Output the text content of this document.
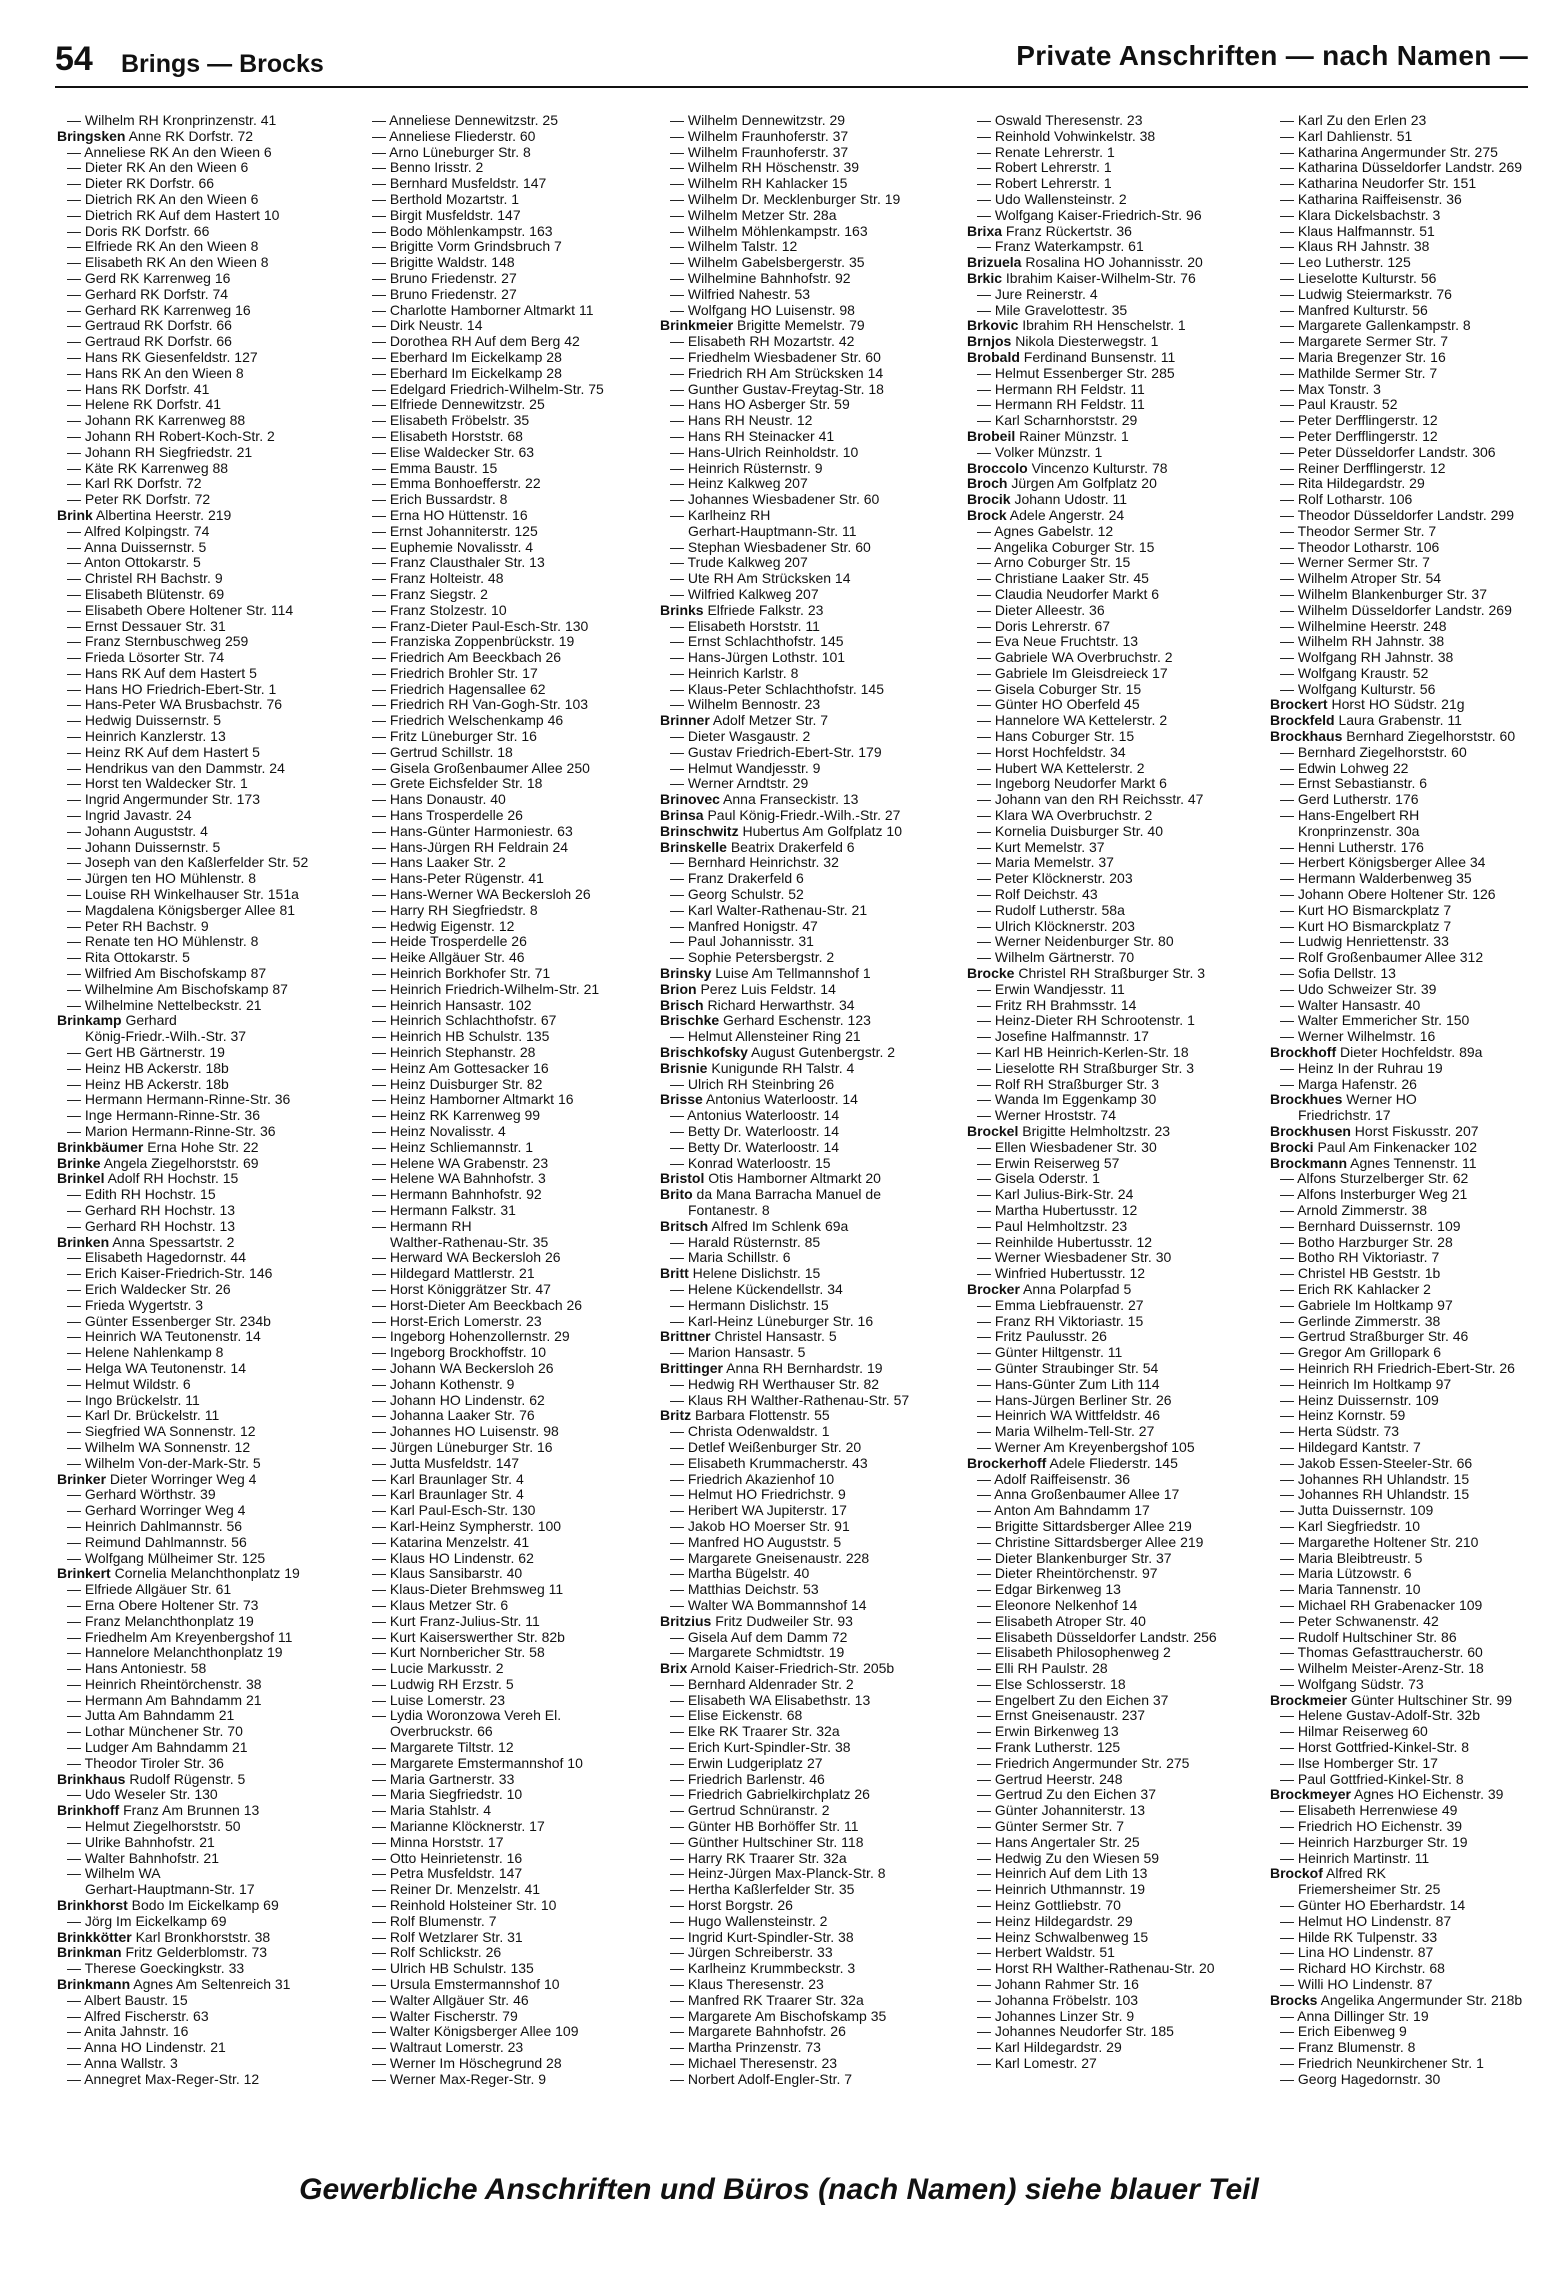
54 Brings — Brocks	Private Anschriften — nach Namen —
— Wilhelm RH Kronprinzenstr. 41
Bringsken Anne RK Dorfstr. 72
— Anneliese RK An den Wieen 6
— Dieter RK An den Wieen 6
— Dieter RK Dorfstr. 66
— Dietrich RK An den Wieen 6
— Dietrich RK Auf dem Hastert 10
— Doris RK Dorfstr. 66
— Elfriede RK An den Wieen 8
— Elisabeth RK An den Wieen 8
— Gerd RK Karrenweg 16
— Gerhard RK Dorfstr. 74
— Gerhard RK Karrenweg 16
— Gertraud RK Dorfstr. 66
— Gertraud RK Dorfstr. 66
— Hans RK Giesenfeldstr. 127
— Hans RK An den Wieen 8
— Hans RK Dorfstr. 41
— Helene RK Dorfstr. 41
— Johann RK Karrenweg 88
— Johann RH Robert-Koch-Str. 2
— Johann RH Siegfriedstr. 21
— Käte RK Karrenweg 88
— Karl RK Dorfstr. 72
— Peter RK Dorfstr. 72
Brink Albertina Heerstr. 219
— Alfred Kolpingstr. 74
— Anna Duissernstr. 5
— Anton Ottokarstr. 5
— Christel RH Bachstr. 9
— Elisabeth Blütenstr. 69
— Elisabeth Obere Holtener Str. 114
— Ernst Dessauer Str. 31
— Franz Sternbuschweg 259
— Frieda Lösorter Str. 74
— Hans RK Auf dem Hastert 5
— Hans HO Friedrich-Ebert-Str. 1
— Hans-Peter WA Brusbachstr. 76
— Hedwig Duissernstr. 5
— Heinrich Kanzlerstr. 13
— Heinz RK Auf dem Hastert 5
— Hendrikus van den Dammstr. 24
— Horst ten Waldecker Str. 1
— Ingrid Angermunder Str. 173
— Ingrid Javastr. 24
— Johann Auguststr. 4
— Johann Duissernstr. 5
— Joseph van den Kaßlerfelder Str. 52
— Jürgen ten HO Mühlenstr. 8
— Louise RH Winkelhauser Str. 151a
— Magdalena Königsberger Allee 81
— Peter RH Bachstr. 9
— Renate ten HO Mühlenstr. 8
— Rita Ottokarstr. 5
— Wilfried Am Bischofskamp 87
— Wilhelmine Am Bischofskamp 87
— Wilhelmine Nettelbeckstr. 21
Brinkamp Gerhard
König-Friedr.-Wilh.-Str. 37
— Gert HB Gärtnerstr. 19
— Heinz HB Ackerstr. 18b
— Heinz HB Ackerstr. 18b
— Hermann Hermann-Rinne-Str. 36
— Inge Hermann-Rinne-Str. 36
— Marion Hermann-Rinne-Str. 36
Brinkbäumer Erna Hohe Str. 22
Brinke Angela Ziegelhorststr. 69
Brinkel Adolf RH Hochstr. 15
— Edith RH Hochstr. 15
— Gerhard RH Hochstr. 13
— Gerhard RH Hochstr. 13
Brinken Anna Spessartstr. 2
— Elisabeth Hagedornstr. 44
— Erich Kaiser-Friedrich-Str. 146
— Erich Waldecker Str. 26
— Frieda Wygertstr. 3
— Günter Essenberger Str. 234b
— Heinrich WA Teutonenstr. 14
— Helene Nahlenkamp 8
— Helga WA Teutonenstr. 14
— Helmut Wildstr. 6
— Ingo Brückelstr. 11
— Karl Dr. Brückelstr. 11
— Siegfried WA Sonnenstr. 12
— Wilhelm WA Sonnenstr. 12
— Wilhelm Von-der-Mark-Str. 5
Brinker Dieter Worringer Weg 4
— Gerhard Wörthstr. 39
— Gerhard Worringer Weg 4
— Heinrich Dahlmannstr. 56
— Reimund Dahlmannstr. 56
— Wolfgang Mülheimer Str. 125
Brinkert Cornelia Melanchthonplatz 19
— Elfriede Allgäuer Str. 61
— Erna Obere Holtener Str. 73
— Franz Melanchthonplatz 19
— Friedhelm Am Kreyenbergshof 11
— Hannelore Melanchthonplatz 19
— Hans Antoniestr. 58
— Heinrich Rheintörchenstr. 38
— Hermann Am Bahndamm 21
— Jutta Am Bahndamm 21
— Lothar Münchener Str. 70
— Ludger Am Bahndamm 21
— Theodor Tiroler Str. 36
Brinkhaus Rudolf Rügenstr. 5
— Udo Weseler Str. 130
Brinkhoff Franz Am Brunnen 13
— Helmut Ziegelhorststr. 50
— Ulrike Bahnhofstr. 21
— Walter Bahnhofstr. 21
— Wilhelm WA
Gerhart-Hauptmann-Str. 17
Brinkhorst Bodo Im Eickelkamp 69
— Jörg Im Eickelkamp 69
Brinkkötter Karl Bronkhorststr. 38
Brinkman Fritz Gelderblomstr. 73
— Therese Goeckingkstr. 33
Brinkmann Agnes Am Seltenreich 31
— Albert Baustr. 15
— Alfred Fischerstr. 63
— Anita Jahnstr. 16
— Anna HO Lindenstr. 21
— Anna Wallstr. 3
— Annegret Max-Reger-Str. 12
— Anneliese Dennewitzstr. 25
— Anneliese Fliederstr. 60
— Arno Lüneburger Str. 8
— Benno Irisstr. 2
— Bernhard Musfeldstr. 147
— Berthold Mozartstr. 1
— Birgit Musfeldstr. 147
— Bodo Möhlenkampstr. 163
— Brigitte Vorm Grindsbruch 7
— Brigitte Waldstr. 148
— Bruno Friedenstr. 27
— Bruno Friedenstr. 27
— Charlotte Hamborner Altmarkt 11
— Dirk Neustr. 14
— Dorothea RH Auf dem Berg 42
— Eberhard Im Eickelkamp 28
— Eberhard Im Eickelkamp 28
— Edelgard Friedrich-Wilhelm-Str. 75
— Elfriede Dennewitzstr. 25
— Elisabeth Fröbelstr. 35
— Elisabeth Horststr. 68
— Elise Waldecker Str. 63
— Emma Baustr. 15
— Emma Bonhoefferstr. 22
— Erich Bussardstr. 8
— Erna HO Hüttenstr. 16
— Ernst Johanniterstr. 125
— Euphemie Novalisstr. 4
— Franz Clausthaler Str. 13
— Franz Holteistr. 48
— Franz Siegstr. 2
— Franz Stolzestr. 10
— Franz-Dieter Paul-Esch-Str. 130
— Franziska Zoppenbrückstr. 19
— Friedrich Am Beeckbach 26
— Friedrich Brohler Str. 17
— Friedrich Hagensallee 62
— Friedrich RH Van-Gogh-Str. 103
— Friedrich Welschenkamp 46
— Fritz Lüneburger Str. 16
— Gertrud Schillstr. 18
— Gisela Großenbaumer Allee 250
— Grete Eichsfelder Str. 18
— Hans Donaustr. 40
— Hans Trosperdelle 26
— Hans-Günter Harmoniestr. 63
— Hans-Jürgen RH Feldrain 24
— Hans Laaker Str. 2
— Hans-Peter Rügenstr. 41
— Hans-Werner WA Beckersloh 26
— Harry RH Siegfriedstr. 8
— Hedwig Eigenstr. 12
— Heide Trosperdelle 26
— Heike Allgäuer Str. 46
— Heinrich Borkhofer Str. 71
— Heinrich Friedrich-Wilhelm-Str. 21
— Heinrich Hansastr. 102
— Heinrich Schlachthofstr. 67
— Heinrich HB Schulstr. 135
— Heinrich Stephanstr. 28
— Heinz Am Gottesacker 16
— Heinz Duisburger Str. 82
— Heinz Hamborner Altmarkt 16
— Heinz RK Karrenweg 99
— Heinz Novalisstr. 4
— Heinz Schliemannstr. 1
— Helene WA Grabenstr. 23
— Helene WA Bahnhofstr. 3
— Hermann Bahnhofstr. 92
— Hermann Falkstr. 31
— Hermann RH
Walther-Rathenau-Str. 35
— Herward WA Beckersloh 26
— Hildegard Mattlerstr. 21
— Horst Königgrätzer Str. 47
— Horst-Dieter Am Beeckbach 26
— Horst-Erich Lomerstr. 23
— Ingeborg Hohenzollernstr. 29
— Ingeborg Brockhoffstr. 10
— Johann WA Beckersloh 26
— Johann Kothenstr. 9
— Johann HO Lindenstr. 62
— Johanna Laaker Str. 76
— Johannes HO Luisenstr. 98
— Jürgen Lüneburger Str. 16
— Jutta Musfeldstr. 147
— Karl Braunlager Str. 4
— Karl Braunlager Str. 4
— Karl Paul-Esch-Str. 130
— Karl-Heinz Sympherstr. 100
— Katarina Menzelstr. 41
— Klaus HO Lindenstr. 62
— Klaus Sansibarstr. 40
— Klaus-Dieter Brehmsweg 11
— Klaus Metzer Str. 6
— Kurt Franz-Julius-Str. 11
— Kurt Kaiserswerther Str. 82b
— Kurt Nornbericher Str. 58
— Lucie Markusstr. 2
— Ludwig RH Erzstr. 5
— Luise Lomerstr. 23
— Lydia Woronzowa Vereh El.
Overbruckstr. 66
— Margarete Tiltstr. 12
— Margarete Emstermannshof 10
— Maria Gartnerstr. 33
— Maria Siegfriedstr. 10
— Maria Stahlstr. 4
— Marianne Klöcknerstr. 17
— Minna Horststr. 17
— Otto Heinrietenstr. 16
— Petra Musfeldstr. 147
— Reiner Dr. Menzelstr. 41
— Reinhold Holsteiner Str. 10
— Rolf Blumenstr. 7
— Rolf Wetzlarer Str. 31
— Rolf Schlickstr. 26
— Ulrich HB Schulstr. 135
— Ursula Emstermannshof 10
— Walter Allgäuer Str. 46
— Walter Fischerstr. 79
— Walter Königsberger Allee 109
— Waltraut Lomerstr. 23
— Werner Im Höschegrund 28
— Werner Max-Reger-Str. 9
— Wilhelm Dennewitzstr. 29
— Wilhelm Fraunhoferstr. 37
— Wilhelm Fraunhoferstr. 37
— Wilhelm RH Höschenstr. 39
— Wilhelm RH Kahlacker 15
— Wilhelm Dr. Mecklenburger Str. 19
— Wilhelm Metzer Str. 28a
— Wilhelm Möhlenkampstr. 163
— Wilhelm Talstr. 12
— Wilhelm Gabelsbergerstr. 35
— Wilhelmine Bahnhofstr. 92
— Wilfried Nahestr. 53
— Wolfgang HO Luisenstr. 98
Brinkmeier Brigitte Memelstr. 79
— Elisabeth RH Mozartstr. 42
— Friedhelm Wiesbadener Str. 60
— Friedrich RH Am Strücksken 14
— Gunther Gustav-Freytag-Str. 18
— Hans HO Asberger Str. 59
— Hans RH Neustr. 12
— Hans RH Steinacker 41
— Hans-Ulrich Reinholdstr. 10
— Heinrich Rüsternstr. 9
— Heinz Kalkweg 207
— Johannes Wiesbadener Str. 60
— Karlheinz RH
Gerhart-Hauptmann-Str. 11
— Stephan Wiesbadener Str. 60
— Trude Kalkweg 207
— Ute RH Am Strücksken 14
— Wilfried Kalkweg 207
Brinks Elfriede Falkstr. 23
— Elisabeth Horststr. 11
— Ernst Schlachthofstr. 145
— Hans-Jürgen Lothstr. 101
— Heinrich Karlstr. 8
— Klaus-Peter Schlachthofstr. 145
— Wilhelm Bennostr. 23
Brinner Adolf Metzer Str. 7
— Dieter Wasgaustr. 2
— Gustav Friedrich-Ebert-Str. 179
— Helmut Wandjesstr. 9
— Werner Arndtstr. 29
Brinovec Anna Franseckistr. 13
Brinsa Paul König-Friedr.-Wilh.-Str. 27
Brinschwitz Hubertus Am Golfplatz 10
Brinskelle Beatrix Drakerfeld 6
— Bernhard Heinrichstr. 32
— Franz Drakerfeld 6
— Georg Schulstr. 52
— Karl Walter-Rathenau-Str. 21
— Manfred Honigstr. 47
— Paul Johannisstr. 31
— Sophie Petersbergstr. 2
Brinsky Luise Am Tellmannshof 1
Brion Perez Luis Feldstr. 14
Brisch Richard Herwarthstr. 34
Brischke Gerhard Eschenstr. 123
— Helmut Allensteiner Ring 21
Brischkofsky August Gutenbergstr. 2
Brisnie Kunigunde RH Talstr. 4
— Ulrich RH Steinbring 26
Brisse Antonius Waterloostr. 14
— Antonius Waterloostr. 14
— Betty Dr. Waterloostr. 14
— Betty Dr. Waterloostr. 14
— Konrad Waterloostr. 15
Bristol Otis Hamborner Altmarkt 20
Brito da Mana Barracha Manuel de
Fontanestr. 8
Britsch Alfred Im Schlenk 69a
— Harald Rüsternstr. 85
— Maria Schillstr. 6
Britt Helene Dislichstr. 15
— Helene Kückendellstr. 34
— Hermann Dislichstr. 15
— Karl-Heinz Lüneburger Str. 16
Brittner Christel Hansastr. 5
— Marion Hansastr. 5
Brittinger Anna RH Bernhardstr. 19
— Hedwig RH Werthauser Str. 82
— Klaus RH Walther-Rathenau-Str. 57
Britz Barbara Flottenstr. 55
— Christa Odenwaldstr. 1
— Detlef Weißenburger Str. 20
— Elisabeth Krummacherstr. 43
— Friedrich Akazienhof 10
— Helmut HO Friedrichstr. 9
— Heribert WA Jupiterstr. 17
— Jakob HO Moerser Str. 91
— Manfred HO Auguststr. 5
— Margarete Gneisenaustr. 228
— Martha Bügelstr. 40
— Matthias Deichstr. 53
— Walter WA Bommannshof 14
Britzius Fritz Dudweiler Str. 93
— Gisela Auf dem Damm 72
— Margarete Schmidtstr. 19
Brix Arnold Kaiser-Friedrich-Str. 205b
— Bernhard Aldenrader Str. 2
— Elisabeth WA Elisabethstr. 13
— Elise Eickenstr. 68
— Elke RK Traarer Str. 32a
— Erich Kurt-Spindler-Str. 38
— Erwin Ludgeriplatz 27
— Friedrich Barlenstr. 46
— Friedrich Gabrielkirchplatz 26
— Gertrud Schnüranstr. 2
— Günter HB Borhöffer Str. 11
— Günther Hultschiner Str. 118
— Harry RK Traarer Str. 32a
— Heinz-Jürgen Max-Planck-Str. 8
— Hertha Kaßlerfelder Str. 35
— Horst Borgstr. 26
— Hugo Wallensteinstr. 2
— Ingrid Kurt-Spindler-Str. 38
— Jürgen Schreiberstr. 33
— Karlheinz Krummbeckstr. 3
— Klaus Theresenstr. 23
— Manfred RK Traarer Str. 32a
— Margarete Am Bischofskamp 35
— Margarete Bahnhofstr. 26
— Martha Prinzenstr. 73
— Michael Theresenstr. 23
— Norbert Adolf-Engler-Str. 7
— Oswald Theresenstr. 23
— Reinhold Vohwinkelstr. 38
— Renate Lehrerstr. 1
— Robert Lehrerstr. 1
— Robert Lehrerstr. 1
— Udo Wallensteinstr. 2
— Wolfgang Kaiser-Friedrich-Str. 96
Brixa Franz Rückertstr. 36
— Franz Waterkampstr. 61
Brizuela Rosalina HO Johannisstr. 20
Brkic Ibrahim Kaiser-Wilhelm-Str. 76
— Jure Reinerstr. 4
— Mile Gravelottestr. 35
Brkovic Ibrahim RH Henschelstr. 1
Brnjos Nikola Diesterwegstr. 1
Brobald Ferdinand Bunsenstr. 11
— Helmut Essenberger Str. 285
— Hermann RH Feldstr. 11
— Hermann RH Feldstr. 11
— Karl Scharnhorststr. 29
Brobeil Rainer Münzstr. 1
— Volker Münzstr. 1
Broccolo Vincenzo Kulturstr. 78
Broch Jürgen Am Golfplatz 20
Brocik Johann Udostr. 11
Brock Adele Angerstr. 24
— Agnes Gabelstr. 12
— Angelika Coburger Str. 15
— Arno Coburger Str. 15
— Christiane Laaker Str. 45
— Claudia Neudorfer Markt 6
— Dieter Alleestr. 36
— Doris Lehrerstr. 67
— Eva Neue Fruchtstr. 13
— Gabriele WA Overbruchstr. 2
— Gabriele Im Gleisdreieck 17
— Gisela Coburger Str. 15
— Günter HO Oberfeld 45
— Hannelore WA Kettelerstr. 2
— Hans Coburger Str. 15
— Horst Hochfeldstr. 34
— Hubert WA Kettelerstr. 2
— Ingeborg Neudorfer Markt 6
— Johann van den RH Reichsstr. 47
— Klara WA Overbruchstr. 2
— Kornelia Duisburger Str. 40
— Kurt Memelstr. 37
— Maria Memelstr. 37
— Peter Klöcknerstr. 203
— Rolf Deichstr. 43
— Rudolf Lutherstr. 58a
— Ulrich Klöcknerstr. 203
— Werner Neidenburger Str. 80
— Wilhelm Gärtnerstr. 70
Brocke Christel RH Straßburger Str. 3
— Erwin Wandjesstr. 11
— Fritz RH Brahmsstr. 14
— Heinz-Dieter RH Schrootenstr. 1
— Josefine Halfmannstr. 17
— Karl HB Heinrich-Kerlen-Str. 18
— Lieselotte RH Straßburger Str. 3
— Rolf RH Straßburger Str. 3
— Wanda Im Eggenkamp 30
— Werner Hroststr. 74
Brockel Brigitte Helmholtzstr. 23
— Ellen Wiesbadener Str. 30
— Erwin Reiserweg 57
— Gisela Oderstr. 1
— Karl Julius-Birk-Str. 24
— Martha Hubertusstr. 12
— Paul Helmholtzstr. 23
— Reinhilde Hubertusstr. 12
— Werner Wiesbadener Str. 30
— Winfried Hubertusstr. 12
Brocker Anna Polarpfad 5
— Emma Liebfrauenstr. 27
— Franz RH Viktoriastr. 15
— Fritz Paulusstr. 26
— Günter Hiltgenstr. 11
— Günter Straubinger Str. 54
— Hans-Günter Zum Lith 114
— Hans-Jürgen Berliner Str. 26
— Heinrich WA Wittfeldstr. 46
— Maria Wilhelm-Tell-Str. 27
— Werner Am Kreyenbergshof 105
Brockerhoff Adele Fliederstr. 145
— Adolf Raiffeisenstr. 36
— Anna Großenbaumer Allee 17
— Anton Am Bahndamm 17
— Brigitte Sittardsberger Allee 219
— Christine Sittardsberger Allee 219
— Dieter Blankenburger Str. 37
— Dieter Rheintörchenstr. 97
— Edgar Birkenweg 13
— Eleonore Nelkenhof 14
— Elisabeth Atroper Str. 40
— Elisabeth Düsseldorfer Landstr. 256
— Elisabeth Philosophenweg 2
— Elli RH Paulstr. 28
— Else Schlosserstr. 18
— Engelbert Zu den Eichen 37
— Ernst Gneisenaustr. 237
— Erwin Birkenweg 13
— Frank Lutherstr. 125
— Friedrich Angermunder Str. 275
— Gertrud Heerstr. 248
— Gertrud Zu den Eichen 37
— Günter Johanniterstr. 13
— Günter Sermer Str. 7
— Hans Angertaler Str. 25
— Hedwig Zu den Wiesen 59
— Heinrich Auf dem Lith 13
— Heinrich Uthmannstr. 19
— Heinz Gottliebstr. 70
— Heinz Hildegardstr. 29
— Heinz Schwalbenweg 15
— Herbert Waldstr. 51
— Horst RH Walther-Rathenau-Str. 20
— Johann Rahmer Str. 16
— Johanna Fröbelstr. 103
— Johannes Linzer Str. 9
— Johannes Neudorfer Str. 185
— Karl Hildegardstr. 29
— Karl Lomestr. 27
— Karl Zu den Erlen 23
— Karl Dahlienstr. 51
— Katharina Angermunder Str. 275
— Katharina Düsseldorfer Landstr. 269
— Katharina Neudorfer Str. 151
— Katharina Raiffeisenstr. 36
— Klara Dickelsbachstr. 3
— Klaus Halfmannstr. 51
— Klaus RH Jahnstr. 38
— Leo Lutherstr. 125
— Lieselotte Kulturstr. 56
— Ludwig Steiermarkstr. 76
— Manfred Kulturstr. 56
— Margarete Gallenkampstr. 8
— Margarete Sermer Str. 7
— Maria Bregenzer Str. 16
— Mathilde Sermer Str. 7
— Max Tonstr. 3
— Paul Kraustr. 52
— Peter Derfflingerstr. 12
— Peter Derfflingerstr. 12
— Peter Düsseldorfer Landstr. 306
— Reiner Derfflingerstr. 12
— Rita Hildegardstr. 29
— Rolf Lotharstr. 106
— Theodor Düsseldorfer Landstr. 299
— Theodor Sermer Str. 7
— Theodor Lotharstr. 106
— Werner Sermer Str. 7
— Wilhelm Atroper Str. 54
— Wilhelm Blankenburger Str. 37
— Wilhelm Düsseldorfer Landstr. 269
— Wilhelmine Heerstr. 248
— Wilhelm RH Jahnstr. 38
— Wolfgang RH Jahnstr. 38
— Wolfgang Kraustr. 52
— Wolfgang Kulturstr. 56
Brockert Horst HO Südstr. 21g
Brockfeld Laura Grabenstr. 11
Brockhaus Bernhard Ziegelhorststr. 60
— Bernhard Ziegelhorststr. 60
— Edwin Lohweg 22
— Ernst Sebastianstr. 6
— Gerd Lutherstr. 176
— Hans-Engelbert RH
Kronprinzenstr. 30a
— Henni Lutherstr. 176
— Herbert Königsberger Allee 34
— Hermann Walderbenweg 35
— Johann Obere Holtener Str. 126
— Kurt HO Bismarckplatz 7
— Kurt HO Bismarckplatz 7
— Ludwig Henriettenstr. 33
— Rolf Großenbaumer Allee 312
— Sofia Dellstr. 13
— Udo Schweizer Str. 39
— Walter Hansastr. 40
— Walter Emmericher Str. 150
— Werner Wilhelmstr. 16
Brockhoff Dieter Hochfeldstr. 89a
— Heinz In der Ruhrau 19
— Marga Hafenstr. 26
Brockhues Werner HO
Friedrichstr. 17
Brockhusen Horst Fiskusstr. 207
Brocki Paul Am Finkenacker 102
Brockmann Agnes Tennenstr. 11
— Alfons Sturzelberger Str. 62
— Alfons Insterburger Weg 21
— Arnold Zimmerstr. 38
— Bernhard Duissernstr. 109
— Botho Harzburger Str. 28
— Botho RH Viktoriastr. 7
— Christel HB Geststr. 1b
— Erich RK Kahlacker 2
— Gabriele Im Holtkamp 97
— Gerlinde Zimmerstr. 38
— Gertrud Straßburger Str. 46
— Gregor Am Grillopark 6
— Heinrich RH Friedrich-Ebert-Str. 26
— Heinrich Im Holtkamp 97
— Heinz Duissernstr. 109
— Heinz Kornstr. 59
— Herta Südstr. 73
— Hildegard Kantstr. 7
— Jakob Essen-Steeler-Str. 66
— Johannes RH Uhlandstr. 15
— Johannes RH Uhlandstr. 15
— Jutta Duissernstr. 109
— Karl Siegfriedstr. 10
— Margarethe Holtener Str. 210
— Maria Bleibtreustr. 5
— Maria Lützowstr. 6
— Maria Tannenstr. 10
— Michael RH Grabenacker 109
— Peter Schwanenstr. 42
— Rudolf Hultschiner Str. 86
— Thomas Gefasttraucherstr. 60
— Wilhelm Meister-Arenz-Str. 18
— Wolfgang Südstr. 73
Brockmeier Günter Hultschiner Str. 99
— Helene Gustav-Adolf-Str. 32b
— Hilmar Reiserweg 60
— Horst Gottfried-Kinkel-Str. 8
— Ilse Homberger Str. 17
— Paul Gottfried-Kinkel-Str. 8
Brockmeyer Agnes HO Eichenstr. 39
— Elisabeth Herrenwiese 49
— Friedrich HO Eichenstr. 39
— Heinrich Harzburger Str. 19
— Heinrich Martinstr. 11
Brockof Alfred RK
Friemersheimer Str. 25
— Günter HO Eberhardstr. 14
— Helmut HO Lindenstr. 87
— Hilde RK Tulpenstr. 33
— Lina HO Lindenstr. 87
— Richard HO Kirchstr. 68
— Willi HO Lindenstr. 87
Brocks Angelika Angermunder Str. 218b
— Anna Dillinger Str. 19
— Erich Eibenweg 9
— Franz Blumenstr. 8
— Friedrich Neunkirchener Str. 1
— Georg Hagedornstr. 30
Gewerbliche Anschriften und Büros (nach Namen) siehe blauer Teil
